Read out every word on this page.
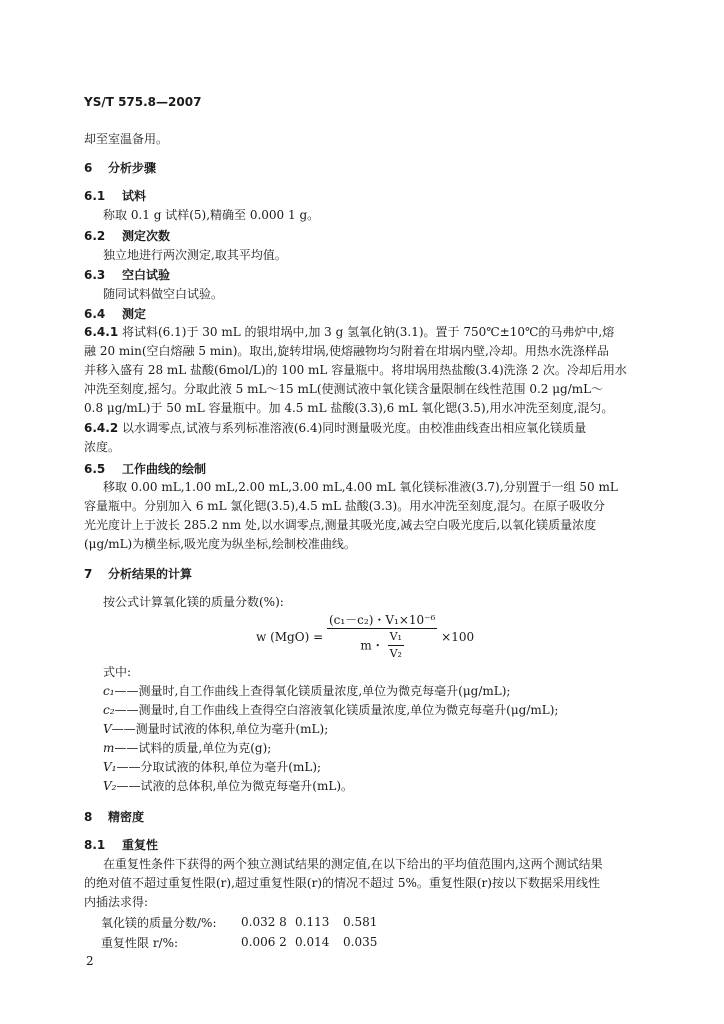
YS/T 575.8—2007
却至室温备用。
6 分析步骤
6.1 试料
称取 0.1 g 试样(5),精确至 0.000 1 g。
6.2 测定次数
独立地进行两次测定,取其平均值。
6.3 空白试验
随同试料做空白试验。
6.4 测定
6.4.1 将试料(6.1)于 30 mL 的银坩埚中,加 3 g 氢氧化钠(3.1)。置于 750℃±10℃的马弗炉中,熔
融 20 min(空白熔融 5 min)。取出,旋转坩埚,使熔融物均匀附着在坩埚内壁,冷却。用热水洗涤样品
并移入盛有 28 mL 盐酸(6mol/L)的 100 mL 容量瓶中。将坩埚用热盐酸(3.4)洗涤 2 次。冷却后用水
冲洗至刻度,摇匀。分取此液 5 mL～15 mL(使测试液中氧化镁含量限制在线性范围 0.2 μg/mL～
0.8 μg/mL)于 50 mL 容量瓶中。加 4.5 mL 盐酸(3.3),6 mL 氧化锶(3.5),用水冲洗至刻度,混匀。
6.4.2 以水调零点,试液与系列标准溶液(6.4)同时测量吸光度。由校准曲线查出相应氧化镁质量
浓度。
6.5 工作曲线的绘制
移取 0.00 mL,1.00 mL,2.00 mL,3.00 mL,4.00 mL 氧化镁标准液(3.7),分别置于一组 50 mL
容量瓶中。分别加入 6 mL 氯化锶(3.5),4.5 mL 盐酸(3.3)。用水冲洗至刻度,混匀。在原子吸收分
光光度计上于波长 285.2 nm 处,以水调零点,测量其吸光度,减去空白吸光度后,以氧化镁质量浓度
(μg/mL)为横坐标,吸光度为纵坐标,绘制校准曲线。
7 分析结果的计算
按公式计算氧化镁的质量分数(%):
w $(MgO) = \frac{\text{(c₁－c₂)・V₁×10⁻⁶}}{m・ \frac{\text{V₁}}{\text{V₂}}} \times 100$
式中:
c₁——测量时,自工作曲线上查得氧化镁质量浓度,单位为微克每毫升(μg/mL);
c₂——测量时,自工作曲线上查得空白溶液氧化镁质量浓度,单位为微克每毫升(μg/mL);
V——测量时试液的体积,单位为毫升(mL);
m——试料的质量,单位为克(g);
V₁——分取试液的体积,单位为毫升(mL);
V₂——试液的总体积,单位为微克每毫升(mL)。
8 精密度
8.1 重复性
在重复性条件下获得的两个独立测试结果的测定值,在以下给出的平均值范围内,这两个测试结果
的绝对值不超过重复性限(r),超过重复性限(r)的情况不超过 5%。重复性限(r)按以下数据采用线性
内插法求得:
氧化镁的质量分数/%:	0.032 8	0.113	0.581
重复性限 r/%:	0.006 2	0.014	0.035
2
